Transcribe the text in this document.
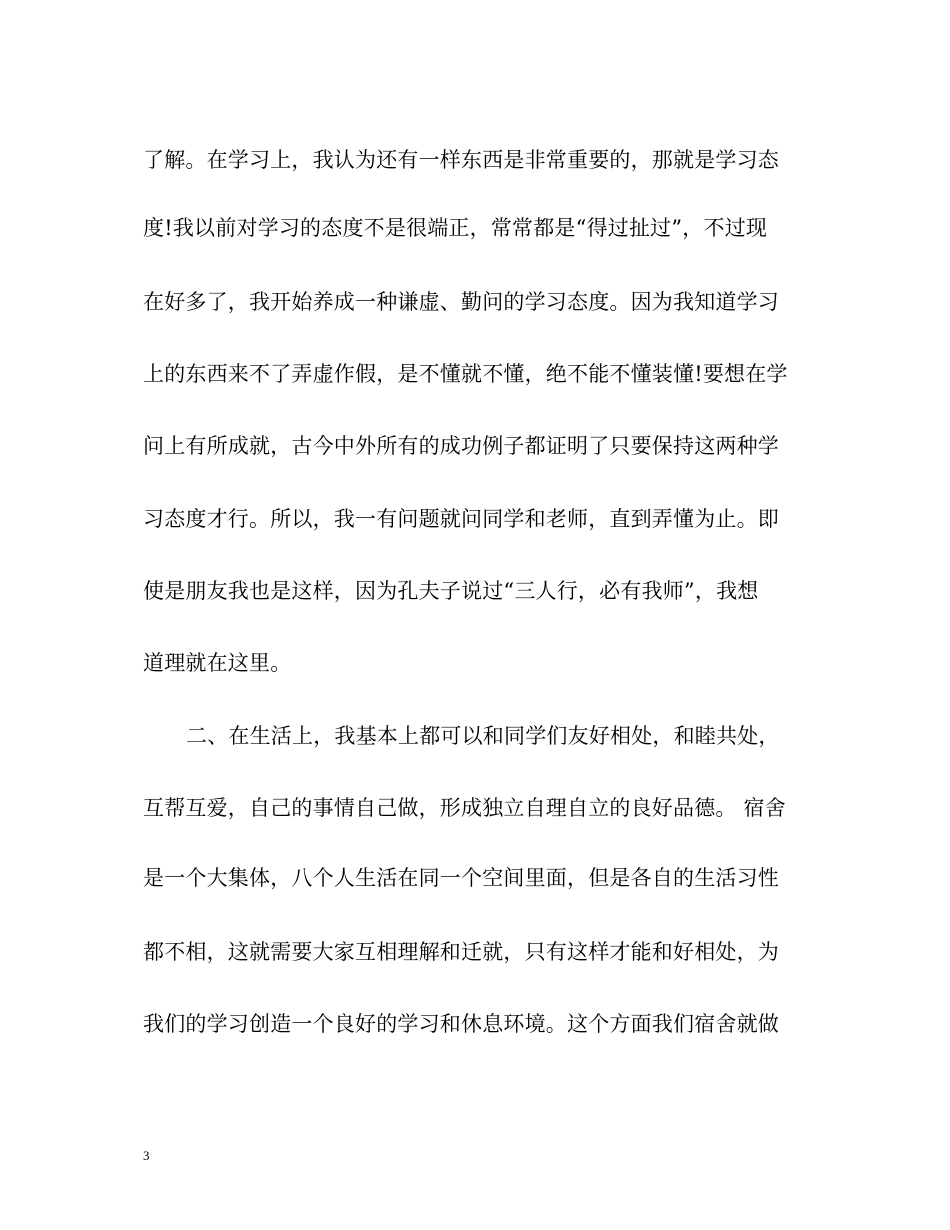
了解。在学习上，我认为还有一样东西是非常重要的，那就是学习态
度!我以前对学习的态度不是很端正，常常都是“得过扯过”，不过现
在好多了，我开始养成一种谦虚、勤问的学习态度。因为我知道学习
上的东西来不了弄虚作假，是不懂就不懂，绝不能不懂装懂!要想在学
问上有所成就，古今中外所有的成功例子都证明了只要保持这两种学
习态度才行。所以，我一有问题就问同学和老师，直到弄懂为止。即
使是朋友我也是这样，因为孔夫子说过“三人行，必有我师”，我想
道理就在这里。
二、在生活上，我基本上都可以和同学们友好相处，和睦共处，
互帮互爱，自己的事情自己做，形成独立自理自立的良好品德。 宿舍
是一个大集体，八个人生活在同一个空间里面，但是各自的生活习性
都不相，这就需要大家互相理解和迁就，只有这样才能和好相处，为
我们的学习创造一个良好的学习和休息环境。这个方面我们宿舍就做
3
